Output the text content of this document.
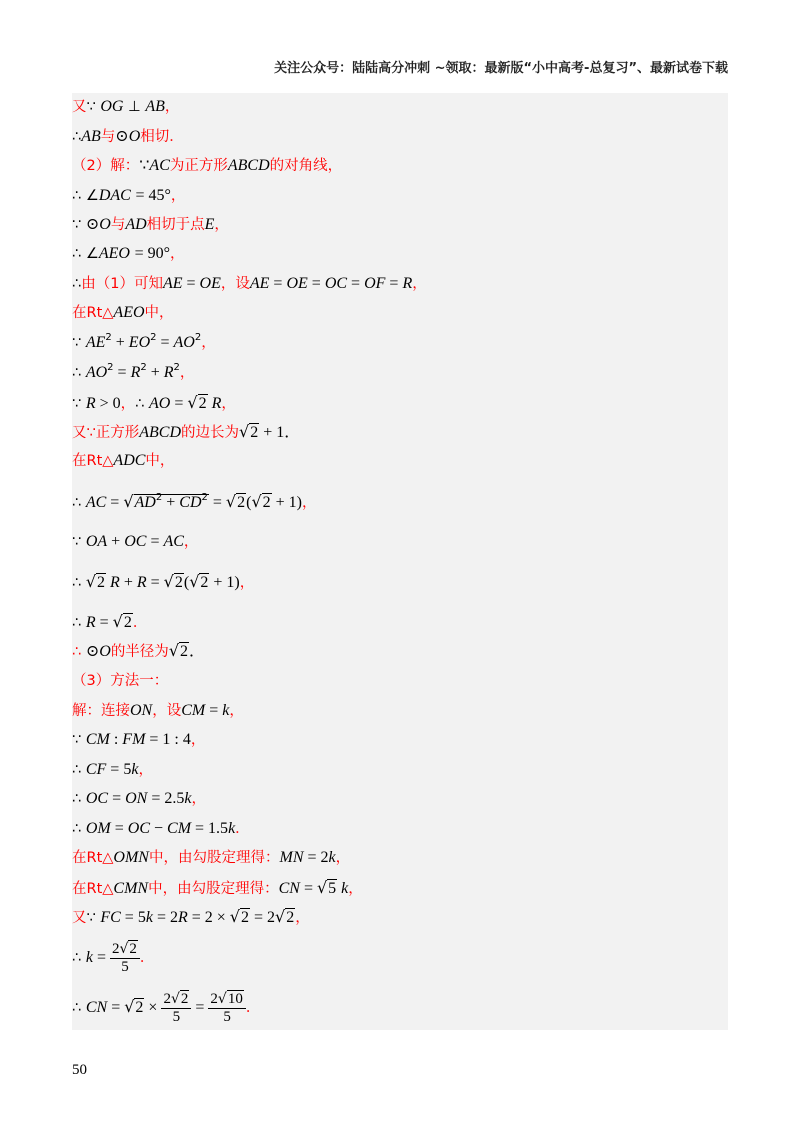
关注公众号：陆陆高分冲刺 ~领取：最新版“小中高考-总复习”、最新试卷下载
又∵ OG ⊥ AB，
∴AB与⊙O相切．
（2）解：∵AC为正方形ABCD的对角线，
∴ ∠DAC = 45°，
∵ ⊙O与AD相切于点E，
∴ ∠AEO = 90°，
∴由（1）可知AE = OE，设AE = OE = OC = OF = R，
在Rt△AEO中，
∵ $AE^2 + EO^2 = AO^2$，
∴ $AO^2 = R^2 + R^2$，
∵ R > 0，∴ AO = √2 R，
又∵正方形ABCD的边长为√2 + 1．
在Rt△ADC中，
∴ AC = $√AD^2 + CD^2 = √2(√2 + 1)$，
∵ OA + OC = AC，
∴ √2 R + R = √2(√2 + 1)，
∴ R = √2．
∴ ⊙O的半径为√2．
（3）方法一：
解：连接ON，设CM = k，
∵ CM : FM = 1 : 4，
∴ CF = 5k，
∴ OC = ON = 2.5k，
∴ OM = OC − CM = 1.5k．
在Rt△OMN中，由勾股定理得：MN = 2k，
在Rt△CMN中，由勾股定理得：CN = √5 k，
又∵ FC = 5k = 2R = 2 × √2 = 2√2，
∴ $k = \frac{2√2}{5}$ ．
∴ CN = $√2 \times \frac{2√2}{5} = \frac{2√10}{5}$ ．
50
